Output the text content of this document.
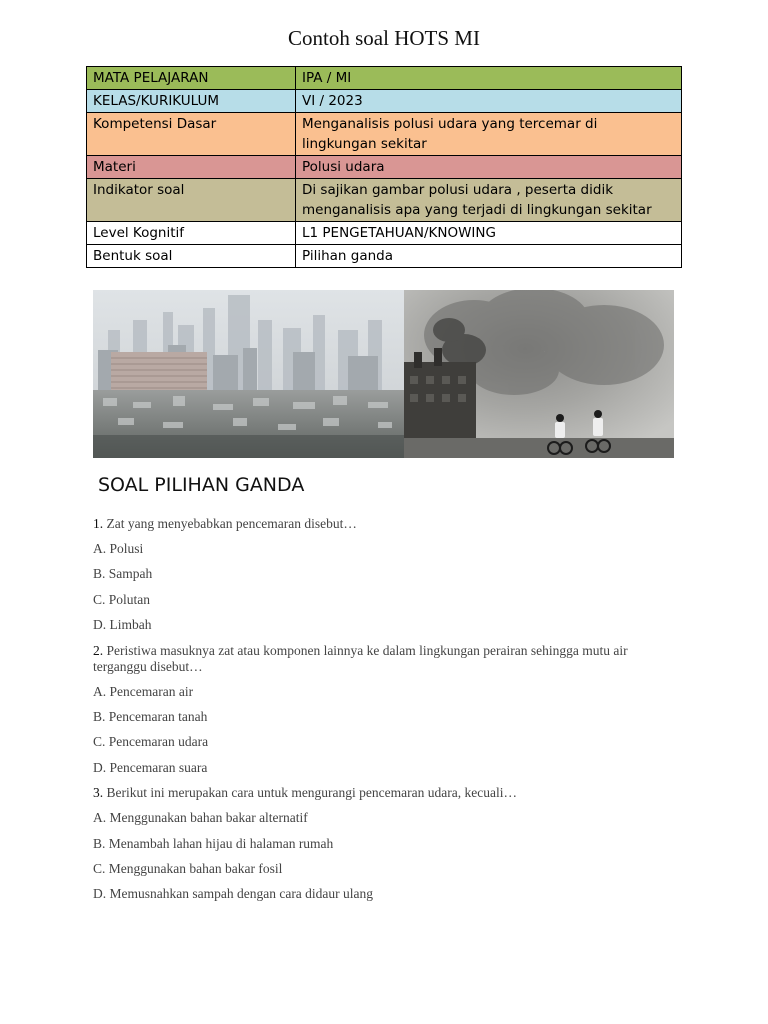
Contoh soal HOTS MI
MATA PELAJARAN	IPA / MI
KELAS/KURIKULUM	VI / 2023
Kompetensi Dasar	Menganalisis polusi udara yang tercemar di lingkungan sekitar
Materi	Polusi udara
Indikator soal	Di sajikan gambar polusi udara , peserta didik menganalisis apa yang terjadi di lingkungan sekitar
Level Kognitif	L1 PENGETAHUAN/KNOWING
Bentuk soal	Pilihan ganda
SOAL PILIHAN GANDA
1. Zat yang menyebabkan pencemaran disebut…
A. Polusi
B. Sampah
C. Polutan
D. Limbah
2. Peristiwa masuknya zat atau komponen lainnya ke dalam lingkungan perairan sehingga mutu air terganggu disebut…
A. Pencemaran air
B. Pencemaran tanah
C. Pencemaran udara
D. Pencemaran suara
3. Berikut ini merupakan cara untuk mengurangi pencemaran udara, kecuali…
A. Menggunakan bahan bakar alternatif
B. Menambah lahan hijau di halaman rumah
C. Menggunakan bahan bakar fosil
D. Memusnahkan sampah dengan cara didaur ulang
